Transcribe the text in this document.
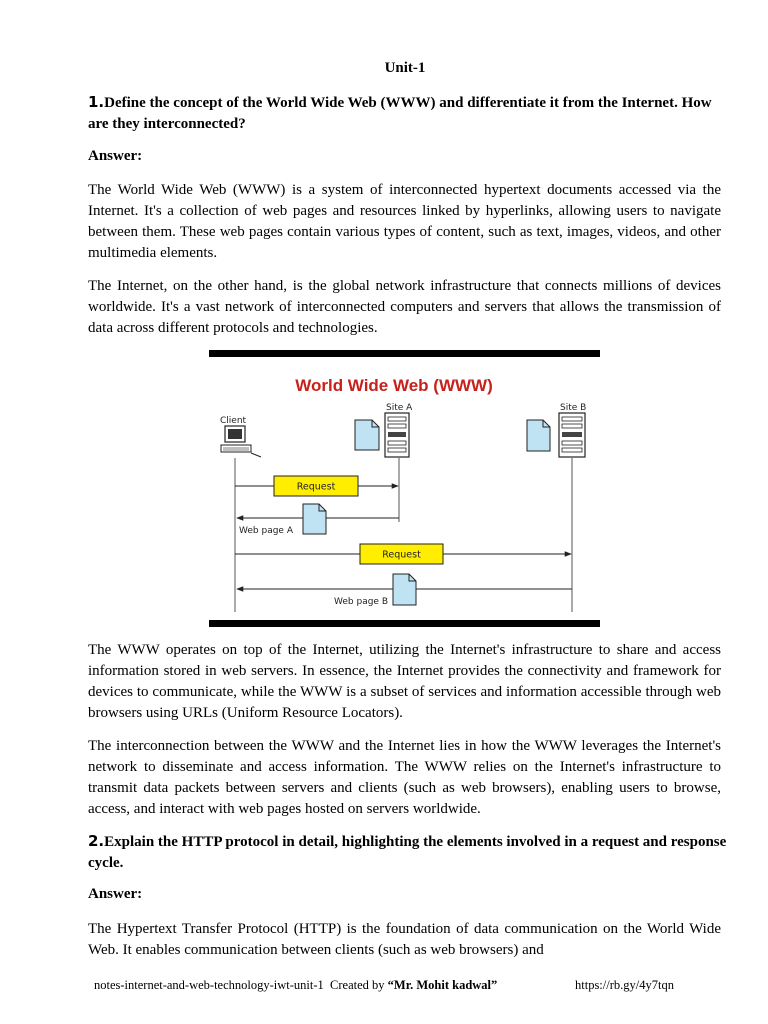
Unit-1
1.Define the concept of the World Wide Web (WWW) and differentiate it from the Internet. How are they interconnected?
Answer:

The World Wide Web (WWW) is a system of interconnected hypertext documents accessed via the Internet. It's a collection of web pages and resources linked by hyperlinks, allowing users to navigate between them. These web pages contain various types of content, such as text, images, videos, and other multimedia elements.

The Internet, on the other hand, is the global network infrastructure that connects millions of devices worldwide. It's a vast network of interconnected computers and servers that allows the transmission of data across different protocols and technologies.

World Wide Web (WWW)
Client
Site A	Site B
Request
Web page A
Request
Web page B

The WWW operates on top of the Internet, utilizing the Internet's infrastructure to share and access information stored in web servers. In essence, the Internet provides the connectivity and framework for devices to communicate, while the WWW is a subset of services and information accessible through web browsers using URLs (Uniform Resource Locators).

The interconnection between the WWW and the Internet lies in how the WWW leverages the Internet's network to disseminate and access information. The WWW relies on the Internet's infrastructure to transmit data packets between servers and clients (such as web browsers), enabling users to browse, access, and interact with web pages hosted on servers worldwide.

2.Explain the HTTP protocol in detail, highlighting the elements involved in a request and response cycle.
Answer:

The Hypertext Transfer Protocol (HTTP) is the foundation of data communication on the World Wide Web. It enables communication between clients (such as web browsers) and

notes-internet-and-web-technology-iwt-unit-1 Created by “Mr. Mohit kadwal”	https://rb.gy/4y7tqn
